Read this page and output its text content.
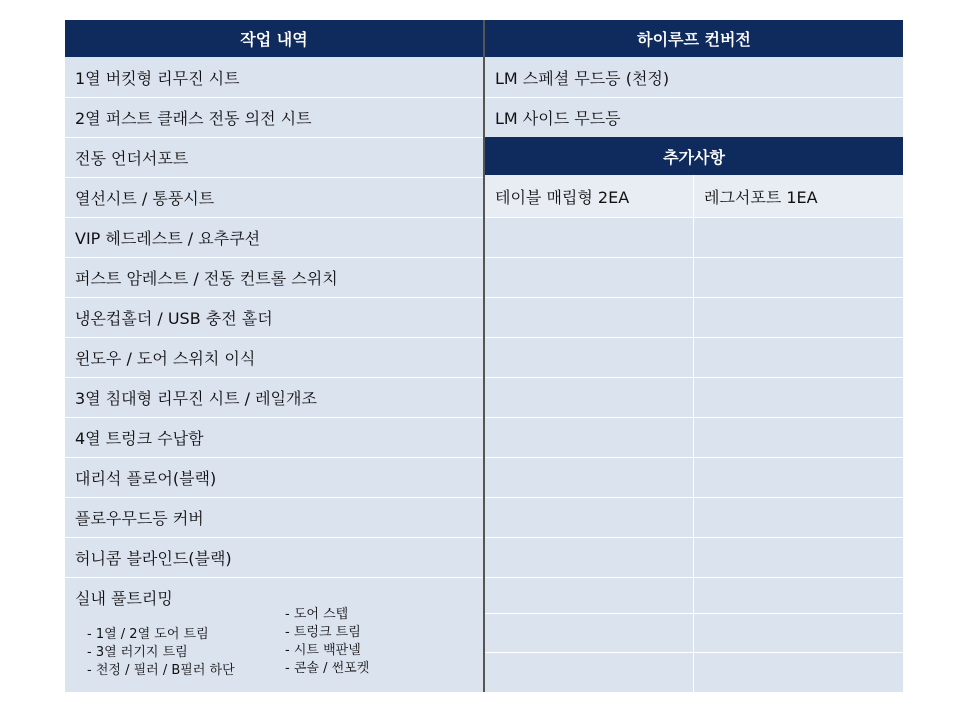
작업 내역	하이루프 컨버전
1열 버킷형 리무진 시트
2열 퍼스트 클래스 전동 의전 시트
전동 언더서포트
열선시트 / 통풍시트
VIP 헤드레스트 / 요추쿠션
퍼스트 암레스트 / 전동 컨트롤 스위치
냉온컵홀더 / USB 충전 홀더
윈도우 / 도어 스위치 이식
3열 침대형 리무진 시트 / 레일개조
4열 트렁크 수납함
대리석 플로어(블랙)
플로우무드등 커버
허니콤 블라인드(블랙)
실내 풀트리밍
- 1열 / 2열 도어 트림
- 3열 러기지 트림
- 천정 / 필러 / B필러 하단
- 도어 스텝
- 트렁크 트림
- 시트 백판넬
- 콘솔 / 썬포켓
LM 스페셜 무드등 (천정)
LM 사이드 무드등
추가사항
테이블 매립형 2EA	레그서포트 1EA
